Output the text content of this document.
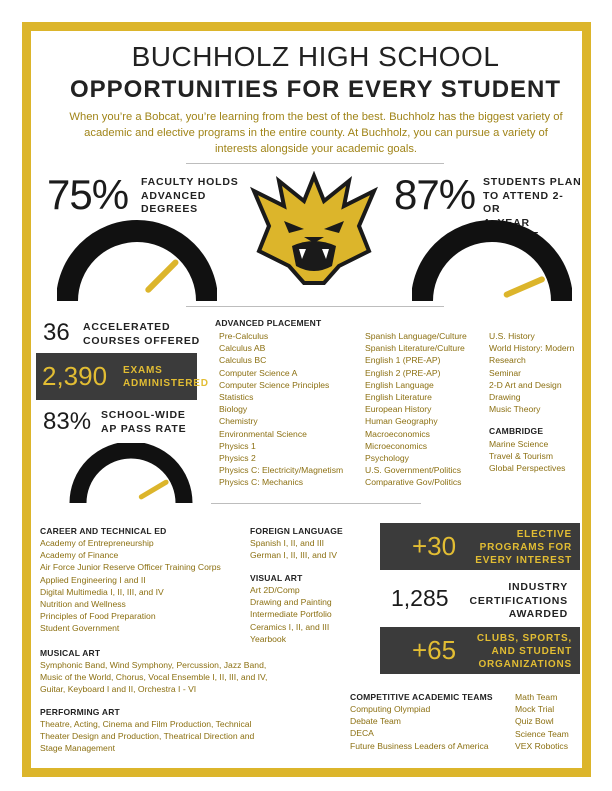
BUCHHOLZ HIGH SCHOOL
OPPORTUNITIES FOR EVERY STUDENT
When you’re a Bobcat, you’re learning from the best of the best. Buchholz has the biggest variety of academic and elective programs in the entire county. At Buchholz, you can pursue a variety of interests alongside your academic goals.
75% FACULTY HOLDS
ADVANCED
DEGREES	87% STUDENTS PLAN
TO ATTEND 2- OR
4- YEAR COLLEGE
36 ACCELERATED
COURSES OFFERED
2,390 EXAMS
ADMINISTERED
83% SCHOOL-WIDE
AP PASS RATE
ADVANCED PLACEMENT
Pre-Calculus
Calculus AB
Calculus BC
Computer Science A
Computer Science Principles
Statistics
Biology
Chemistry
Environmental Science
Physics 1
Physics 2
Physics C: Electricity/Magnetism
Physics C: Mechanics
Spanish Language/Culture
Spanish Literature/Culture
English 1 (PRE-AP)
English 2 (PRE-AP)
English Language
English Literature
European History
Human Geography
Macroeconomics
Microeconomics
Psychology
U.S. Government/Politics
Comparative Gov/Politics
U.S. History
World History: Modern
Research
Seminar
2-D Art and Design
Drawing
Music Theory
CAMBRIDGE
Marine Science
Travel & Tourism
Global Perspectives
CAREER AND TECHNICAL ED
Academy of Entrepreneurship
Academy of Finance
Air Force Junior Reserve Officer Training Corps
Applied Engineering I and II
Digital Multimedia I, II, III, and IV
Nutrition and Wellness
Principles of Food Preparation
Student Government
FOREIGN LANGUAGE
Spanish I, II, and III
German I, II, III, and IV
VISUAL ART
Art 2D/Comp
Drawing and Painting
Intermediate Portfolio
Ceramics I, II, and III
Yearbook
+30	ELECTIVE
PROGRAMS FOR
EVERY INTEREST
1,285	INDUSTRY
CERTIFICATIONS
AWARDED
+65 CLUBS, SPORTS,
AND STUDENT
ORGANIZATIONS
MUSICAL ART
Symphonic Band, Wind Symphony, Percussion, Jazz Band,
Music of the World, Chorus, Vocal Ensemble I, II, III, and IV,
Guitar, Keyboard I and II, Orchestra I - VI
PERFORMING ART
Theatre, Acting, Cinema and Film Production, Technical
Theater Design and Production, Theatrical Direction and
Stage Management
COMPETITIVE ACADEMIC TEAMS
Computing Olympiad
Debate Team
DECA
Future Business Leaders of America
Math Team
Mock Trial
Quiz Bowl
Science Team
VEX Robotics
